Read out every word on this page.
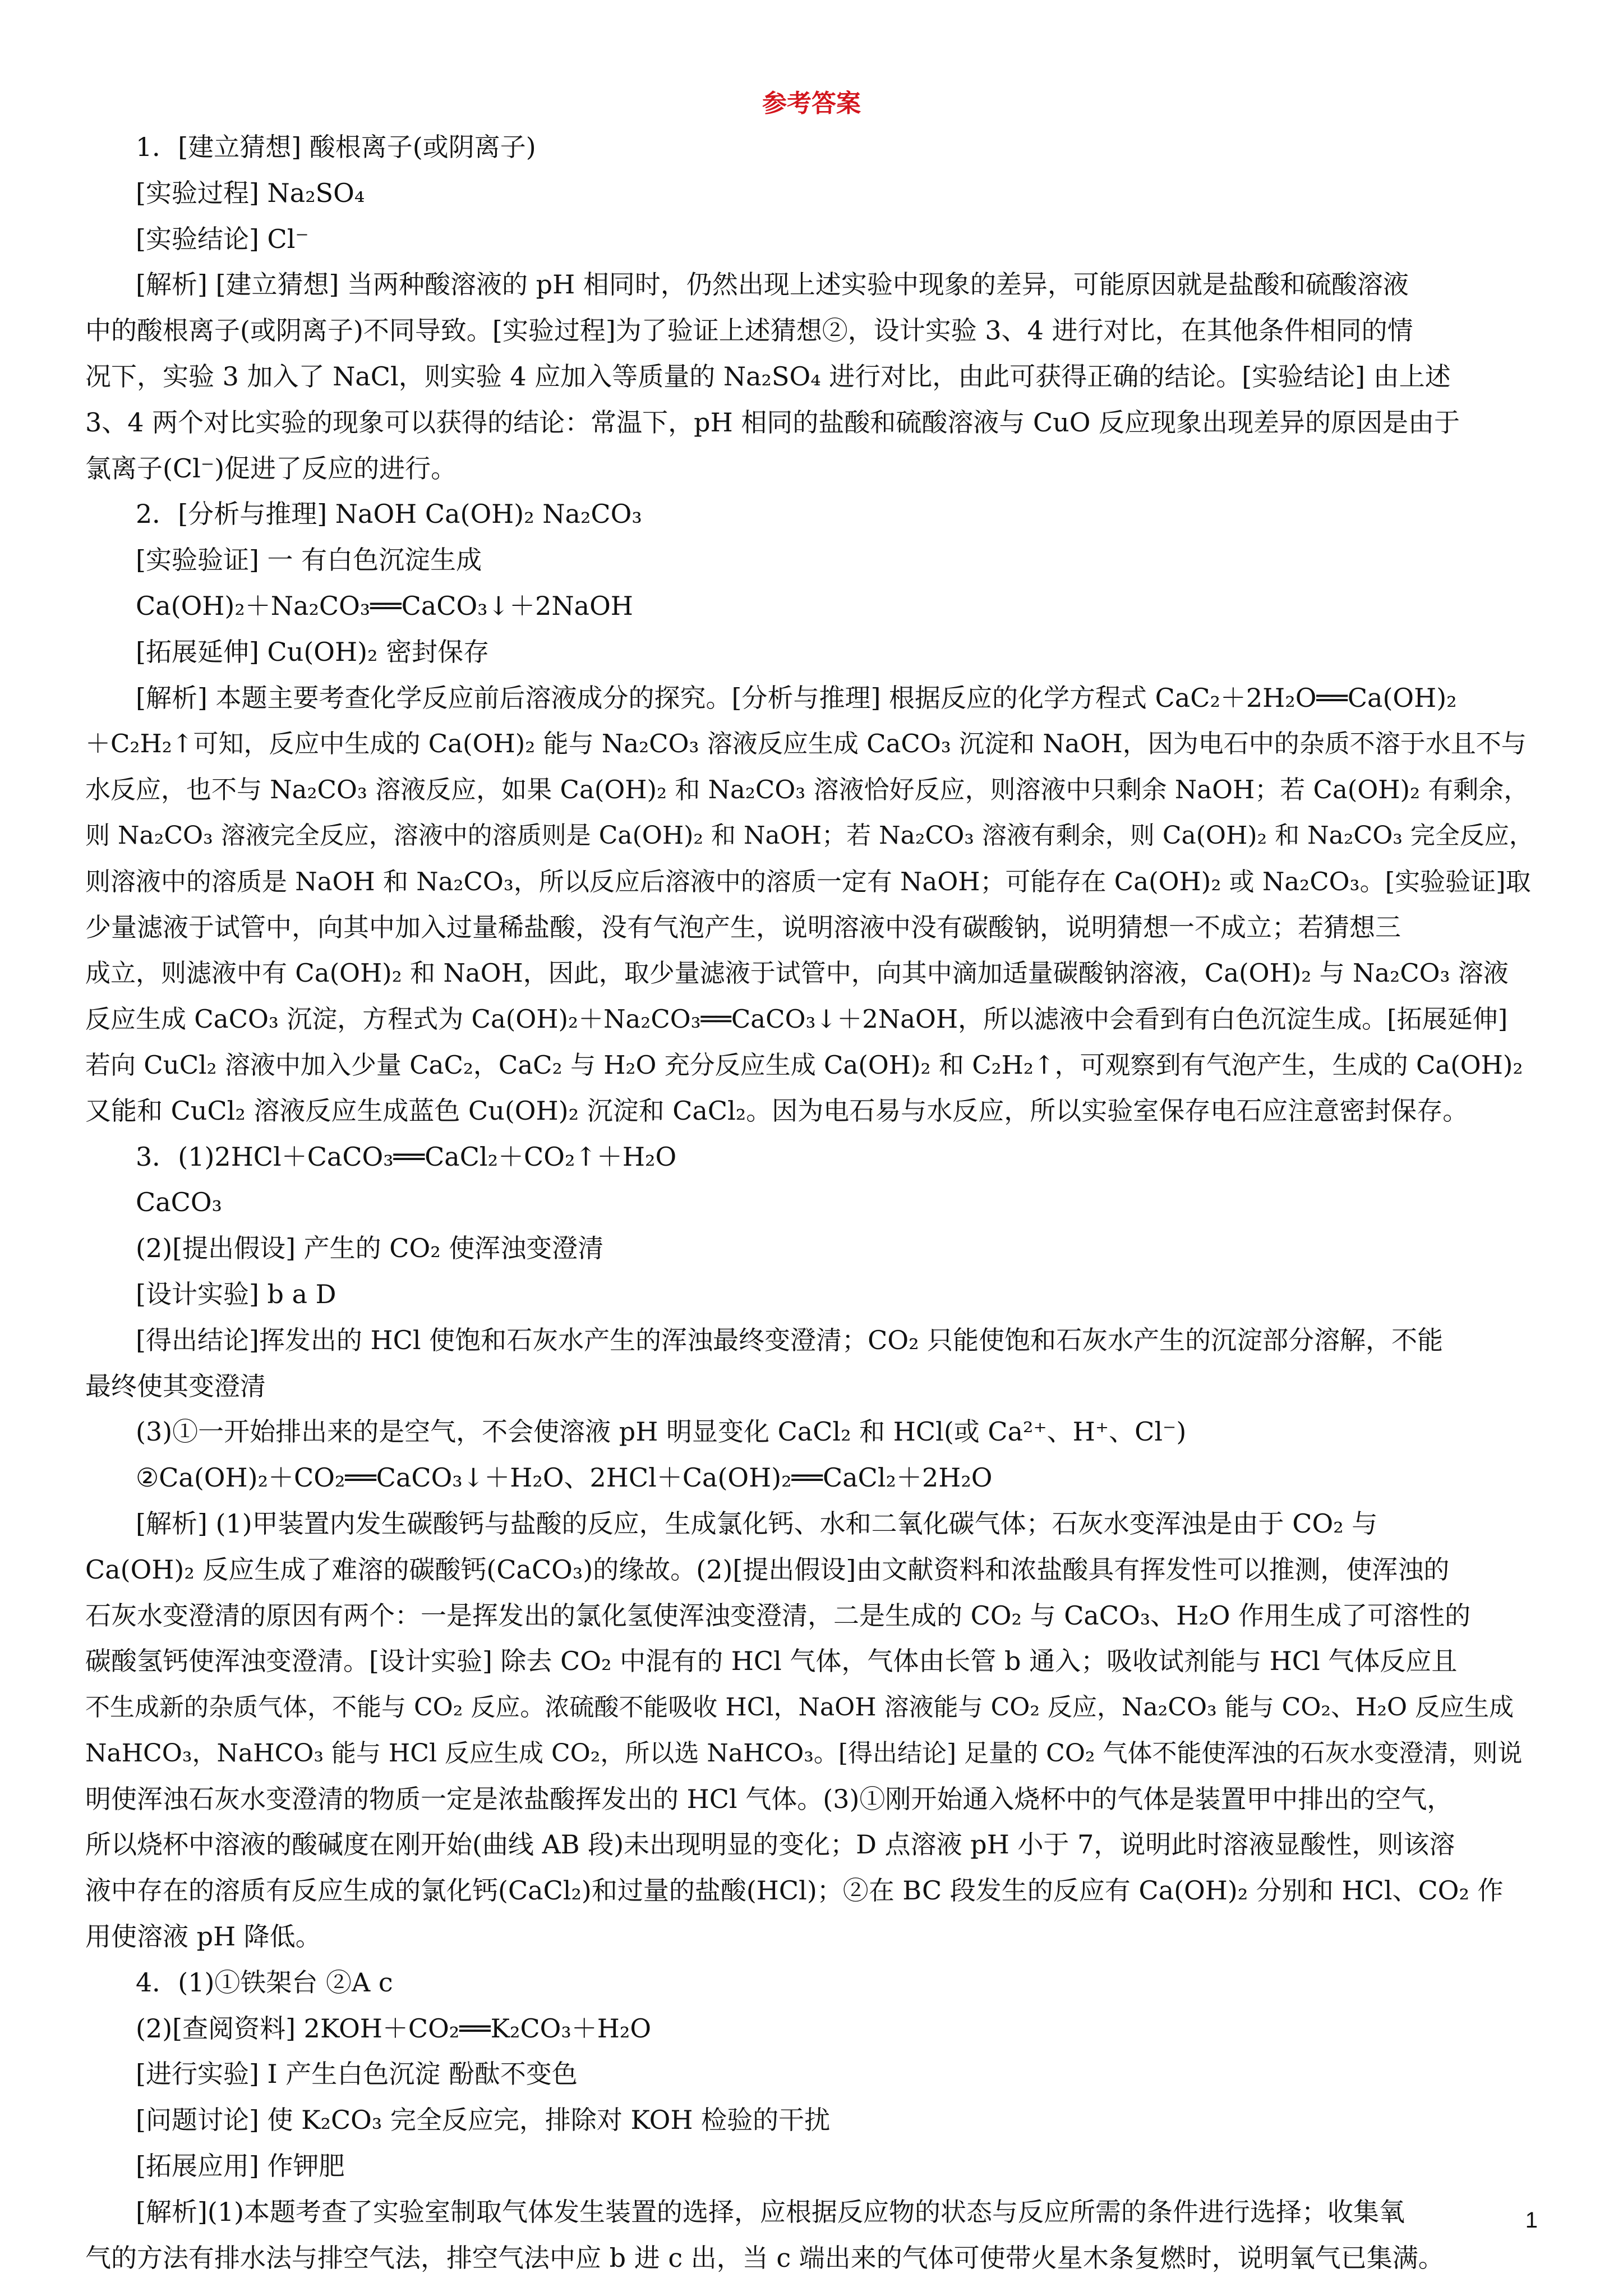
参考答案
1．[建立猜想] 酸根离子(或阴离子)
[实验过程] Na₂SO₄
[实验结论] Cl⁻
[解析] [建立猜想] 当两种酸溶液的 pH 相同时，仍然出现上述实验中现象的差异，可能原因就是盐酸和硫酸溶液
中的酸根离子(或阴离子)不同导致。[实验过程]为了验证上述猜想②，设计实验 3、4 进行对比，在其他条件相同的情
况下，实验 3 加入了 NaCl，则实验 4 应加入等质量的 Na₂SO₄ 进行对比，由此可获得正确的结论。[实验结论] 由上述
3、4 两个对比实验的现象可以获得的结论：常温下，pH 相同的盐酸和硫酸溶液与 CuO 反应现象出现差异的原因是由于
氯离子(Cl⁻)促进了反应的进行。
2．[分析与推理] NaOH Ca(OH)₂ Na₂CO₃
[实验验证] 一 有白色沉淀生成
Ca(OH)₂＋Na₂CO₃══CaCO₃↓＋2NaOH
[拓展延伸] Cu(OH)₂ 密封保存
[解析] 本题主要考查化学反应前后溶液成分的探究。[分析与推理] 根据反应的化学方程式 CaC₂＋2H₂O══Ca(OH)₂
＋C₂H₂↑可知，反应中生成的 Ca(OH)₂ 能与 Na₂CO₃ 溶液反应生成 CaCO₃ 沉淀和 NaOH，因为电石中的杂质不溶于水且不与
水反应，也不与 Na₂CO₃ 溶液反应，如果 Ca(OH)₂ 和 Na₂CO₃ 溶液恰好反应，则溶液中只剩余 NaOH；若 Ca(OH)₂ 有剩余，
则 Na₂CO₃ 溶液完全反应，溶液中的溶质则是 Ca(OH)₂ 和 NaOH；若 Na₂CO₃ 溶液有剩余，则 Ca(OH)₂ 和 Na₂CO₃ 完全反应，
则溶液中的溶质是 NaOH 和 Na₂CO₃，所以反应后溶液中的溶质一定有 NaOH；可能存在 Ca(OH)₂ 或 Na₂CO₃。[实验验证]取
少量滤液于试管中，向其中加入过量稀盐酸，没有气泡产生，说明溶液中没有碳酸钠，说明猜想一不成立；若猜想三
成立，则滤液中有 Ca(OH)₂ 和 NaOH，因此，取少量滤液于试管中，向其中滴加适量碳酸钠溶液，Ca(OH)₂ 与 Na₂CO₃ 溶液
反应生成 CaCO₃ 沉淀，方程式为 Ca(OH)₂＋Na₂CO₃══CaCO₃↓＋2NaOH，所以滤液中会看到有白色沉淀生成。[拓展延伸]
若向 CuCl₂ 溶液中加入少量 CaC₂，CaC₂ 与 H₂O 充分反应生成 Ca(OH)₂ 和 C₂H₂↑，可观察到有气泡产生，生成的 Ca(OH)₂
又能和 CuCl₂ 溶液反应生成蓝色 Cu(OH)₂ 沉淀和 CaCl₂。因为电石易与水反应，所以实验室保存电石应注意密封保存。
3．(1)2HCl＋CaCO₃══CaCl₂＋CO₂↑＋H₂O
CaCO₃
(2)[提出假设] 产生的 CO₂ 使浑浊变澄清
[设计实验] b a D
[得出结论]挥发出的 HCl 使饱和石灰水产生的浑浊最终变澄清；CO₂ 只能使饱和石灰水产生的沉淀部分溶解，不能
最终使其变澄清
(3)①一开始排出来的是空气，不会使溶液 pH 明显变化 CaCl₂ 和 HCl(或 Ca²⁺、H⁺、Cl⁻)
②Ca(OH)₂＋CO₂══CaCO₃↓＋H₂O、2HCl＋Ca(OH)₂══CaCl₂＋2H₂O
[解析] (1)甲装置内发生碳酸钙与盐酸的反应，生成氯化钙、水和二氧化碳气体；石灰水变浑浊是由于 CO₂ 与
Ca(OH)₂ 反应生成了难溶的碳酸钙(CaCO₃)的缘故。(2)[提出假设]由文献资料和浓盐酸具有挥发性可以推测，使浑浊的
石灰水变澄清的原因有两个：一是挥发出的氯化氢使浑浊变澄清，二是生成的 CO₂ 与 CaCO₃、H₂O 作用生成了可溶性的
碳酸氢钙使浑浊变澄清。[设计实验] 除去 CO₂ 中混有的 HCl 气体，气体由长管 b 通入；吸收试剂能与 HCl 气体反应且
不生成新的杂质气体，不能与 CO₂ 反应。浓硫酸不能吸收 HCl，NaOH 溶液能与 CO₂ 反应，Na₂CO₃ 能与 CO₂、H₂O 反应生成
NaHCO₃，NaHCO₃ 能与 HCl 反应生成 CO₂，所以选 NaHCO₃。[得出结论] 足量的 CO₂ 气体不能使浑浊的石灰水变澄清，则说
明使浑浊石灰水变澄清的物质一定是浓盐酸挥发出的 HCl 气体。(3)①刚开始通入烧杯中的气体是装置甲中排出的空气，
所以烧杯中溶液的酸碱度在刚开始(曲线 AB 段)未出现明显的变化；D 点溶液 pH 小于 7，说明此时溶液显酸性，则该溶
液中存在的溶质有反应生成的氯化钙(CaCl₂)和过量的盐酸(HCl)；②在 BC 段发生的反应有 Ca(OH)₂ 分别和 HCl、CO₂ 作
用使溶液 pH 降低。
4．(1)①铁架台 ②A c
(2)[查阅资料] 2KOH＋CO₂══K₂CO₃＋H₂O
[进行实验] Ⅰ 产生白色沉淀 酚酞不变色
[问题讨论] 使 K₂CO₃ 完全反应完，排除对 KOH 检验的干扰
[拓展应用] 作钾肥
[解析](1)本题考查了实验室制取气体发生装置的选择，应根据反应物的状态与反应所需的条件进行选择；收集氧
气的方法有排水法与排空气法，排空气法中应 b 进 c 出，当 c 端出来的气体可使带火星木条复燃时，说明氧气已集满。
1
